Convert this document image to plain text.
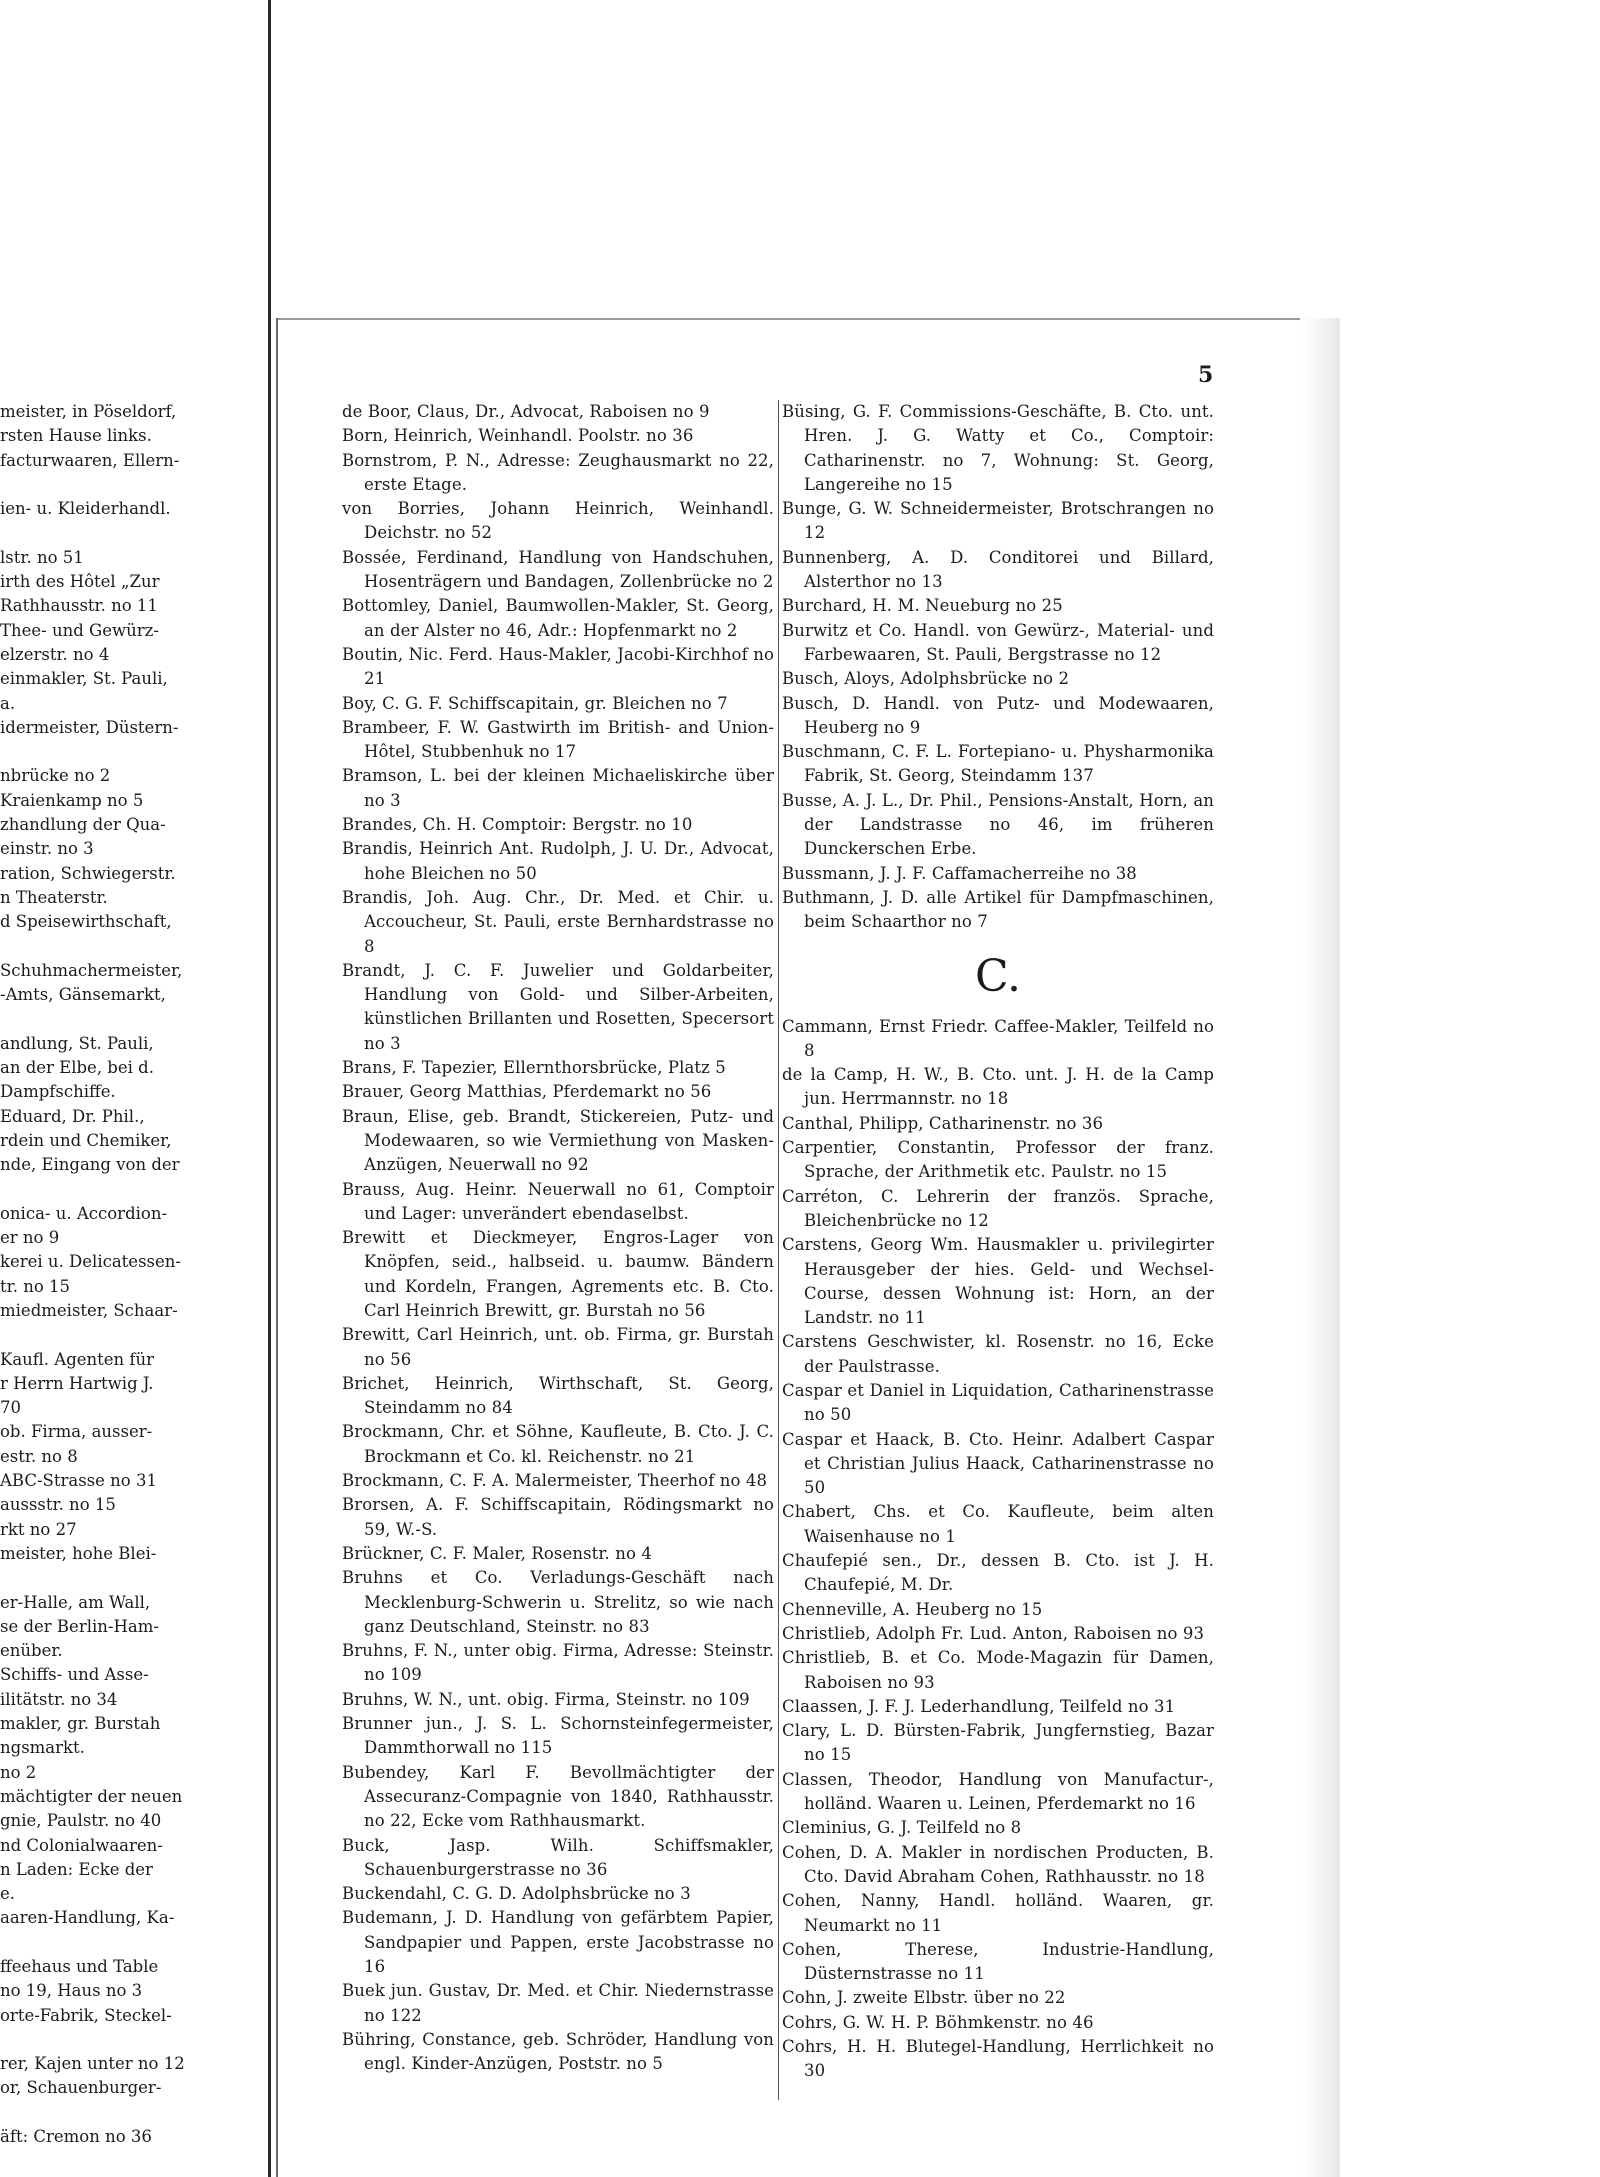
5
meister, in Pöseldorf,
rsten Hause links.
facturwaaren, Ellern-

ien- u. Kleiderhandl.

lstr. no 51
irth des Hôtel „Zur
Rathhausstr. no 11
Thee- und Gewürz-
elzerstr. no 4
einmakler, St. Pauli,
a.
idermeister, Düstern-

nbrücke no 2
Kraienkamp no 5
zhandlung der Qua-
einstr. no 3
ration, Schwiegerstr.
n Theaterstr.
d Speisewirthschaft,

Schuhmachermeister,
-Amts, Gänsemarkt,

andlung, St. Pauli,
an der Elbe, bei d.
Dampfschiffe.
Eduard, Dr. Phil.,
rdein und Chemiker,
nde, Eingang von der

onica- u. Accordion-
er no 9
kerei u. Delicatessen-
tr. no 15
miedmeister, Schaar-

Kaufl. Agenten für
r Herrn Hartwig J.
70
ob. Firma, ausser-
estr. no 8
ABC-Strasse no 31
aussstr. no 15
rkt no 27
meister, hohe Blei-

er-Halle, am Wall,
se der Berlin-Ham-
enüber.
Schiffs- und Asse-
ilitätstr. no 34
makler, gr. Burstah
ngsmarkt.
no 2
mächtigter der neuen
gnie, Paulstr. no 40
nd Colonialwaaren-
n Laden: Ecke der
e.
aaren-Handlung, Ka-

ffeehaus und Table
no 19, Haus no 3
orte-Fabrik, Steckel-

rer, Kajen unter no 12
or, Schauenburger-

äft: Cremon no 36
de Boor, Claus, Dr., Advocat, Raboisen no 9
Born, Heinrich, Weinhandl. Poolstr. no 36
Bornstrom, P. N., Adresse: Zeughausmarkt no 22, erste Etage.
von Borries, Johann Heinrich, Weinhandl. Deichstr. no 52
Bossée, Ferdinand, Handlung von Handschuhen, Hosenträgern und Bandagen, Zollenbrücke no 2
Bottomley, Daniel, Baumwollen-Makler, St. Georg, an der Alster no 46, Adr.: Hopfenmarkt no 2
Boutin, Nic. Ferd. Haus-Makler, Jacobi-Kirchhof no 21
Boy, C. G. F. Schiffscapitain, gr. Bleichen no 7
Brambeer, F. W. Gastwirth im British- and Union-Hôtel, Stubbenhuk no 17
Bramson, L. bei der kleinen Michaeliskirche über no 3
Brandes, Ch. H. Comptoir: Bergstr. no 10
Brandis, Heinrich Ant. Rudolph, J. U. Dr., Advocat, hohe Bleichen no 50
Brandis, Joh. Aug. Chr., Dr. Med. et Chir. u. Accoucheur, St. Pauli, erste Bernhardstrasse no 8
Brandt, J. C. F. Juwelier und Goldarbeiter, Handlung von Gold- und Silber-Arbeiten, künstlichen Brillanten und Rosetten, Specersort no 3
Brans, F. Tapezier, Ellernthorsbrücke, Platz 5
Brauer, Georg Matthias, Pferdemarkt no 56
Braun, Elise, geb. Brandt, Stickereien, Putz- und Modewaaren, so wie Vermiethung von Masken-Anzügen, Neuerwall no 92
Brauss, Aug. Heinr. Neuerwall no 61, Comptoir und Lager: unverändert ebendaselbst.
Brewitt et Dieckmeyer, Engros-Lager von Knöpfen, seid., halbseid. u. baumw. Bändern und Kordeln, Frangen, Agrements etc. B. Cto. Carl Heinrich Brewitt, gr. Burstah no 56
Brewitt, Carl Heinrich, unt. ob. Firma, gr. Burstah no 56
Brichet, Heinrich, Wirthschaft, St. Georg, Steindamm no 84
Brockmann, Chr. et Söhne, Kaufleute, B. Cto. J. C. Brockmann et Co. kl. Reichenstr. no 21
Brockmann, C. F. A. Malermeister, Theerhof no 48
Brorsen, A. F. Schiffscapitain, Rödingsmarkt no 59, W.-S.
Brückner, C. F. Maler, Rosenstr. no 4
Bruhns et Co. Verladungs-Geschäft nach Mecklenburg-Schwerin u. Strelitz, so wie nach ganz Deutschland, Steinstr. no 83
Bruhns, F. N., unter obig. Firma, Adresse: Steinstr. no 109
Bruhns, W. N., unt. obig. Firma, Steinstr. no 109
Brunner jun., J. S. L. Schornsteinfegermeister, Dammthorwall no 115
Bubendey, Karl F. Bevollmächtigter der Assecuranz-Compagnie von 1840, Rathhausstr. no 22, Ecke vom Rathhausmarkt.
Buck, Jasp. Wilh. Schiffsmakler, Schauenburgerstrasse no 36
Buckendahl, C. G. D. Adolphsbrücke no 3
Budemann, J. D. Handlung von gefärbtem Papier, Sandpapier und Pappen, erste Jacobstrasse no 16
Buek jun. Gustav, Dr. Med. et Chir. Niedernstrasse no 122
Bühring, Constance, geb. Schröder, Handlung von engl. Kinder-Anzügen, Poststr. no 5
Büsing, G. F. Commissions-Geschäfte, B. Cto. unt. Hren. J. G. Watty et Co., Comptoir: Catharinenstr. no 7, Wohnung: St. Georg, Langereihe no 15
Bunge, G. W. Schneidermeister, Brotschrangen no 12
Bunnenberg, A. D. Conditorei und Billard, Alsterthor no 13
Burchard, H. M. Neueburg no 25
Burwitz et Co. Handl. von Gewürz-, Material- und Farbewaaren, St. Pauli, Bergstrasse no 12
Busch, Aloys, Adolphsbrücke no 2
Busch, D. Handl. von Putz- und Modewaaren, Heuberg no 9
Buschmann, C. F. L. Fortepiano- u. Physharmonika Fabrik, St. Georg, Steindamm 137
Busse, A. J. L., Dr. Phil., Pensions-Anstalt, Horn, an der Landstrasse no 46, im früheren Dunckerschen Erbe.
Bussmann, J. J. F. Caffamacherreihe no 38
Buthmann, J. D. alle Artikel für Dampfmaschinen, beim Schaarthor no 7
C.
Cammann, Ernst Friedr. Caffee-Makler, Teilfeld no 8
de la Camp, H. W., B. Cto. unt. J. H. de la Camp jun. Herrmannstr. no 18
Canthal, Philipp, Catharinenstr. no 36
Carpentier, Constantin, Professor der franz. Sprache, der Arithmetik etc. Paulstr. no 15
Carréton, C. Lehrerin der französ. Sprache, Bleichenbrücke no 12
Carstens, Georg Wm. Hausmakler u. privilegirter Herausgeber der hies. Geld- und Wechsel-Course, dessen Wohnung ist: Horn, an der Landstr. no 11
Carstens Geschwister, kl. Rosenstr. no 16, Ecke der Paulstrasse.
Caspar et Daniel in Liquidation, Catharinenstrasse no 50
Caspar et Haack, B. Cto. Heinr. Adalbert Caspar et Christian Julius Haack, Catharinenstrasse no 50
Chabert, Chs. et Co. Kaufleute, beim alten Waisenhause no 1
Chaufepié sen., Dr., dessen B. Cto. ist J. H. Chaufepié, M. Dr.
Chenneville, A. Heuberg no 15
Christlieb, Adolph Fr. Lud. Anton, Raboisen no 93
Christlieb, B. et Co. Mode-Magazin für Damen, Raboisen no 93
Claassen, J. F. J. Lederhandlung, Teilfeld no 31
Clary, L. D. Bürsten-Fabrik, Jungfernstieg, Bazar no 15
Classen, Theodor, Handlung von Manufactur-, holländ. Waaren u. Leinen, Pferdemarkt no 16
Cleminius, G. J. Teilfeld no 8
Cohen, D. A. Makler in nordischen Producten, B. Cto. David Abraham Cohen, Rathhausstr. no 18
Cohen, Nanny, Handl. holländ. Waaren, gr. Neumarkt no 11
Cohen, Therese, Industrie-Handlung, Düsternstrasse no 11
Cohn, J. zweite Elbstr. über no 22
Cohrs, G. W. H. P. Böhmkenstr. no 46
Cohrs, H. H. Blutegel-Handlung, Herrlichkeit no 30
